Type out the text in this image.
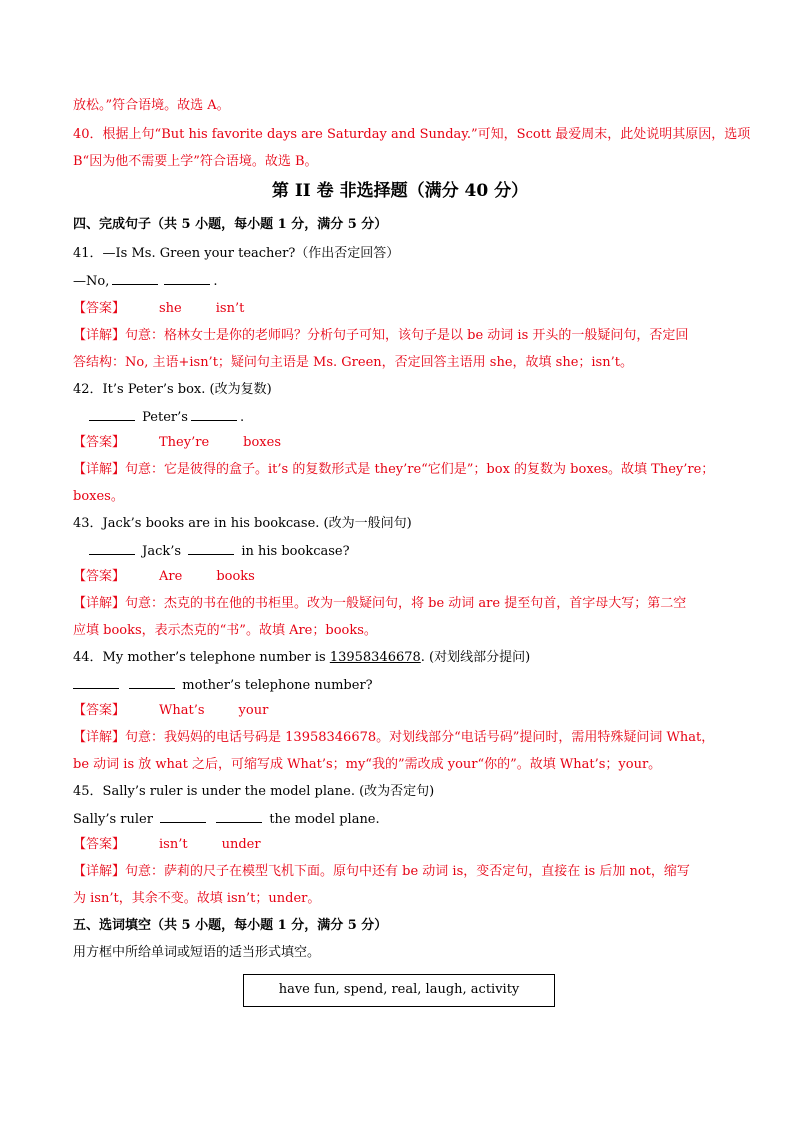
放松。”符合语境。故选 A。
40．根据上句“But his favorite days are Saturday and Sunday.”可知，Scott 最爱周末，此处说明其原因，选项
B“因为他不需要上学”符合语境。故选 B。
第 II 卷 非选择题（满分 40 分）
四、完成句子（共 5 小题，每小题 1 分，满分 5 分）
41．—Is Ms. Green your teacher?（作出否定回答）
—No,	.
【答案】	she	isn’t
【详解】句意：格林女士是你的老师吗？分析句子可知，该句子是以 be 动词 is 开头的一般疑问句，否定回
答结构：No, 主语+isn’t；疑问句主语是 Ms. Green，否定回答主语用 she，故填 she；isn’t。
42．It’s Peter’s box. (改为复数)
Peter’s	.
【答案】	They’re	boxes
【详解】句意：它是彼得的盒子。it’s 的复数形式是 they’re“它们是”；box 的复数为 boxes。故填 They’re；
boxes。
43．Jack’s books are in his bookcase. (改为一般问句)
Jack’s	in his bookcase?
【答案】	Are	books
【详解】句意：杰克的书在他的书柜里。改为一般疑问句，将 be 动词 are 提至句首，首字母大写；第二空
应填 books，表示杰克的“书”。故填 Are；books。
44．My mother’s telephone number is 13958346678. (对划线部分提问)
mother’s telephone number?
【答案】	What’s	your
【详解】句意：我妈妈的电话号码是 13958346678。对划线部分“电话号码”提问时，需用特殊疑问词 What，
be 动词 is 放 what 之后，可缩写成 What’s；my“我的”需改成 your“你的”。故填 What’s；your。
45．Sally’s ruler is under the model plane. (改为否定句)
Sally’s ruler	the model plane.
【答案】	isn’t	under
【详解】句意：萨莉的尺子在模型飞机下面。原句中还有 be 动词 is，变否定句，直接在 is 后加 not，缩写
为 isn’t，其余不变。故填 isn’t；under。
五、选词填空（共 5 小题，每小题 1 分，满分 5 分）
用方框中所给单词或短语的适当形式填空。
have fun, spend, real, laugh, activity
